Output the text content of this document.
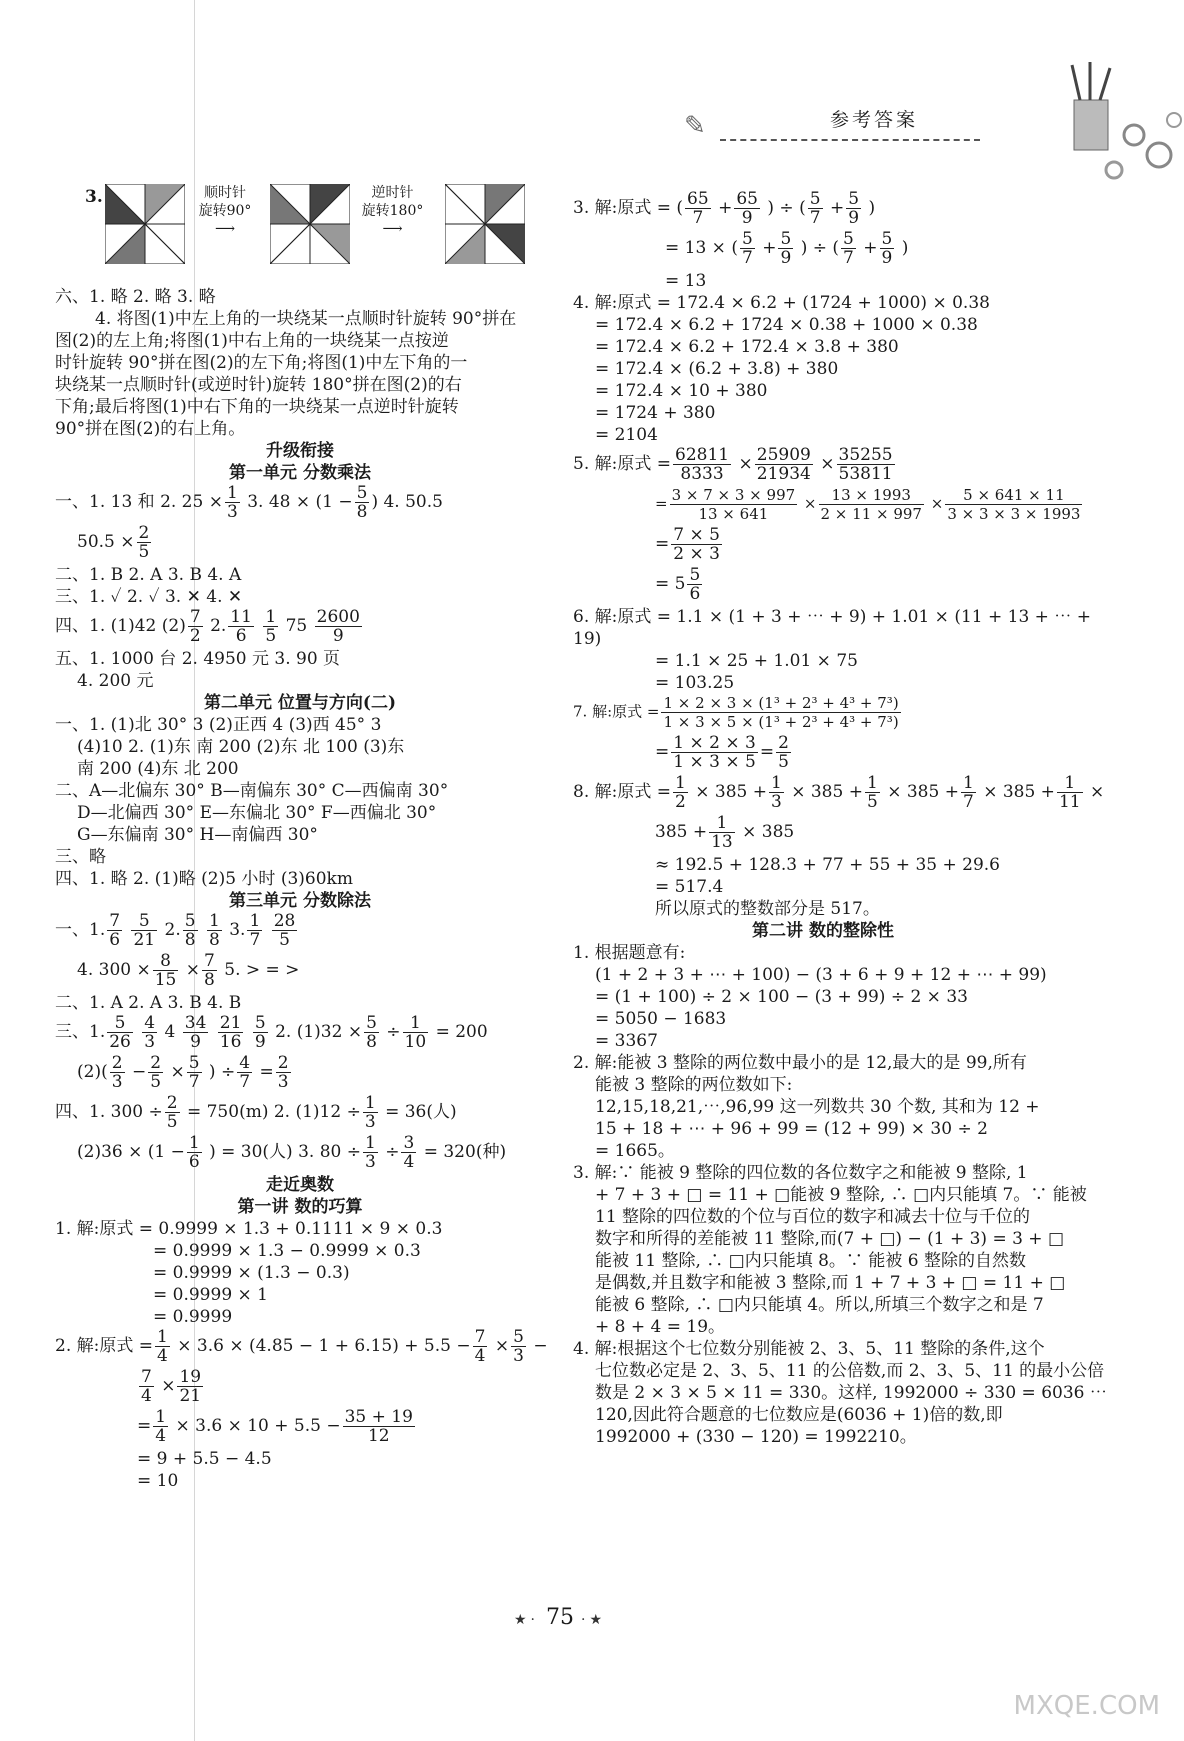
✎	参考答案
3.	顺时针
旋转90°
⟶
逆时针
旋转180°
⟶
六、1. 略 2. 略 3. 略
4. 将图(1)中左上角的一块绕某一点顺时针旋转 90°拼在
图(2)的左上角;将图(1)中右上角的一块绕某一点按逆
时针旋转 90°拼在图(2)的左下角;将图(1)中左下角的一
块绕某一点顺时针(或逆时针)旋转 180°拼在图(2)的右
下角;最后将图(1)中右下角的一块绕某一点逆时针旋转
90°拼在图(2)的右上角。
升级衔接
第一单元 分数乘法
一、1. 13 和 2. $25 \times \frac{1}{3} 3$. $48 \times (1 - \frac{5}{8}$ ) 4. 50.5
$50.5 \times \frac{2}{5}$
二、1. B 2. A 3. B 4. A
三、1. ✓ 2. ✓ 3. ✕ 4. ✕
四、1. (1)42 $(2) \frac{7}{2} 2$. $\frac{11}{6}$
$\frac{1}{5} 75 \frac{2600}{9}$
五、1. 1000 台 2. 4950 元 3. 90 页
4. 200 元
第二单元 位置与方向(二)
一、1. (1)北 30° 3 (2)正西 4 (3)西 45° 3
(4)10 2. (1)东 南 200 (2)东 北 100 (3)东
南 200 (4)东 北 200
二、A—北偏东 30° B—南偏东 30° C—西偏南 30°
D—北偏西 30° E—东偏北 30° F—西偏北 30°
G—东偏南 30° H—南偏西 30°
三、略
四、1. 略 2. (1)略 (2)5 小时 (3)60km
第三单元 分数除法
一、1. $\frac{7}{6}$
$\frac{5}{21} 2$. $\frac{5}{8}$
$\frac{1}{8} 3$. $\frac{1}{7}$
$\frac{28}{5}$
4. $300 \times \frac{8}{15} \times \frac{7}{8} 5$. > = >
二、1. A 2. A 3. B 4. B
三、1. $\frac{5}{26}$
$\frac{4}{3} 4 \frac{34}{9}$
$\frac{21}{16}$
$\frac{5}{9} 2$. $(1)32 \times \frac{5}{8} \div \frac{1}{10} = 200$
$(2)( \frac{2}{3} - \frac{2}{5} \times \frac{5}{7}$ ) ÷ $\frac{4}{7} = \frac{2}{3}$
四、1. $300 \div \frac{2}{5} = 750(m)$ 2. $(1)12 \div \frac{1}{3} = 36$(人)
$(2)36 \times (1 - \frac{1}{6}$ ) = 30(人) 3. $80 \div \frac{1}{3} \div \frac{3}{4} = 320$(种)
走近奥数
第一讲 数的巧算
1. 解:原式 = 0.9999 × 1.3 + 0.1111 × 9 × 0.3
= 0.9999 × 1.3 − 0.9999 × 0.3
= 0.9999 × (1.3 − 0.3)
= 0.9999 × 1
= 0.9999
2. 解:原式 = $\frac{1}{4} \times 3.6 \times (4.85 - 1 + 6.15) + 5.5 - \frac{7}{4} \times \frac{5}{3}$ −
$\frac{7}{4} \times \frac{19}{21}$
= $\frac{1}{4} \times 3.6 \times 10 + 5.5 - \frac{35 + 19}{12}$
= 9 + 5.5 − 4.5
= 10
3. 解:原式 = ( $\frac{65}{7} + \frac{65}{9}$ ) ÷ ( $\frac{5}{7} + \frac{5}{9}$ )
= 13 × ( $\frac{5}{7} + \frac{5}{9}$ ) ÷ ( $\frac{5}{7} + \frac{5}{9}$ )
= 13
4. 解:原式 = 172.4 × 6.2 + (1724 + 1000) × 0.38
= 172.4 × 6.2 + 1724 × 0.38 + 1000 × 0.38
= 172.4 × 6.2 + 172.4 × 3.8 + 380
= 172.4 × (6.2 + 3.8) + 380
= 172.4 × 10 + 380
= 1724 + 380
= 2104
5. 解:原式 = $\frac{62811}{8333} \times \frac{25909}{21934} \times \frac{35255}{53811}$
= $\frac{3 \times 7 \times 3 \times 997}{13 \times 641} \times \frac{13 \times 1993}{2 \times 11 \times 997} \times \frac{5 \times 641 \times 11}{3 \times 3 \times 3 \times 1993}$
= $\frac{7 \times 5}{2 \times 3}$
= $5 \frac{5}{6}$
6. 解:原式 = 1.1 × (1 + 3 + ⋯ + 9) + 1.01 × (11 + 13 + ⋯ +
19)
= 1.1 × 25 + 1.01 × 75
= 103.25
7. 解:原式 = $\frac{\text{1 × 2 × 3 × (1³ + 2³ + 4³ + 7³)}}{\text{1 × 3 × 5 × (1³ + 2³ + 4³ + 7³)}}$
= $\frac{1 \times 2 \times 3}{1 \times 3 \times 5} = \frac{2}{5}$
8. 解:原式 = $\frac{1}{2} \times 385 + \frac{1}{3} \times 385 + \frac{1}{5} \times 385 + \frac{1}{7} \times 385 + \frac{1}{11}$ ×
$385 + \frac{1}{13} \times 385$
≈ 192.5 + 128.3 + 77 + 55 + 35 + 29.6
= 517.4
所以原式的整数部分是 517。
第二讲 数的整除性
1. 根据题意有:
(1 + 2 + 3 + ⋯ + 100) − (3 + 6 + 9 + 12 + ⋯ + 99)
= (1 + 100) ÷ 2 × 100 − (3 + 99) ÷ 2 × 33
= 5050 − 1683
= 3367
2. 解:能被 3 整除的两位数中最小的是 12,最大的是 99,所有
能被 3 整除的两位数如下:
12,15,18,21,⋯,96,99 这一列数共 30 个数, 其和为 12 +
15 + 18 + ⋯ + 96 + 99 = (12 + 99) × 30 ÷ 2
= 1665。
3. 解:∵ 能被 9 整除的四位数的各位数字之和能被 9 整除, 1
+ 7 + 3 + □ = 11 + □能被 9 整除, ∴ □内只能填 7。∵ 能被
11 整除的四位数的个位与百位的数字和减去十位与千位的
数字和所得的差能被 11 整除,而(7 + □) − (1 + 3) = 3 + □
能被 11 整除, ∴ □内只能填 8。∵ 能被 6 整除的自然数
是偶数,并且数字和能被 3 整除,而 1 + 7 + 3 + □ = 11 + □
能被 6 整除, ∴ □内只能填 4。所以,所填三个数字之和是 7
+ 8 + 4 = 19。
4. 解:根据这个七位数分别能被 2、3、5、11 整除的条件,这个
七位数必定是 2、3、5、11 的公倍数,而 2、3、5、11 的最小公倍
数是 2 × 3 × 5 × 11 = 330。这样, 1992000 ÷ 330 = 6036 ⋯
120,因此符合题意的七位数应是(6036 + 1)倍的数,即
1992000 + (330 − 120) = 1992210。
★· 75 ·★
MXQE.COM
